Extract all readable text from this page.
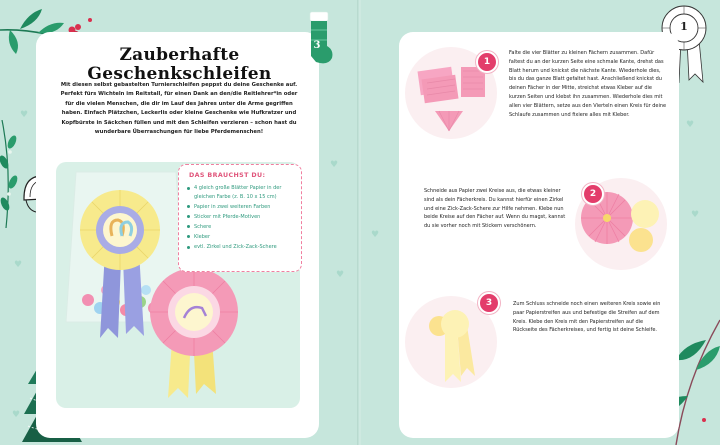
♥
♥
♥
♥
♥
3
Zauberhafte
Geschenkschleifen
Mit diesen selbst gebastelten Turnierschleifen peppst du deine Geschenke auf. Perfekt fürs Wichteln im Reitstall, für einen Dank an den/die Reitlehrer*in oder für die vielen Menschen, die dir im Lauf des Jahres unter die Arme gegriffen haben. Einfach Plätzchen, Leckerlis oder kleine Geschenke wie Hufkratzer und Kopfbürste in Säckchen füllen und mit den Schleifen verzieren – schon hast du wunderbare Überraschungen für liebe Pferdemenschen!
DAS BRAUCHST DU:
4 gleich große Blätter Papier in der gleichen Farbe (z. B. 10 x 15 cm)
Papier in zwei weiteren Farben
Sticker mit Pferde-Motiven
Schere
Kleber
evtl. Zirkel und Zick-Zack-Schere
♥
♥
♥
1
1
Falte die vier Blätter zu kleinen Fächern zusammen. Dafür faltest du an der kurzen Seite eine schmale Kante, drehst das Blatt herum und knickst die nächste Kante. Wiederhole dies, bis du das ganze Blatt gefaltet hast. Anschließend knickst du deinen Fächer in der Mitte, streichst etwas Kleber auf die kurzen Seiten und klebst ihn zusammen. Wiederhole dies mit allen vier Blättern, setze aus den Vierteln einen Kreis für deine Schlaufe zusammen und fixiere alles mit Kleber.
2
Schneide aus Papier zwei Kreise aus, die etwas kleiner sind als dein Fächerkreis. Du kannst hierfür einen Zirkel und eine Zick-Zack-Schere zur Hilfe nehmen. Klebe nun beide Kreise auf den Fächer auf. Wenn du magst, kannst du sie vorher noch mit Stickern verschönern.
3	Zum Schluss schneide noch einen weiteren Kreis sowie ein paar Papierstreifen aus und befestige die Streifen auf dem Kreis. Klebe den Kreis mit den Papierstreifen auf die Rückseite des Fächerkreises, und fertig ist deine Schleife.
